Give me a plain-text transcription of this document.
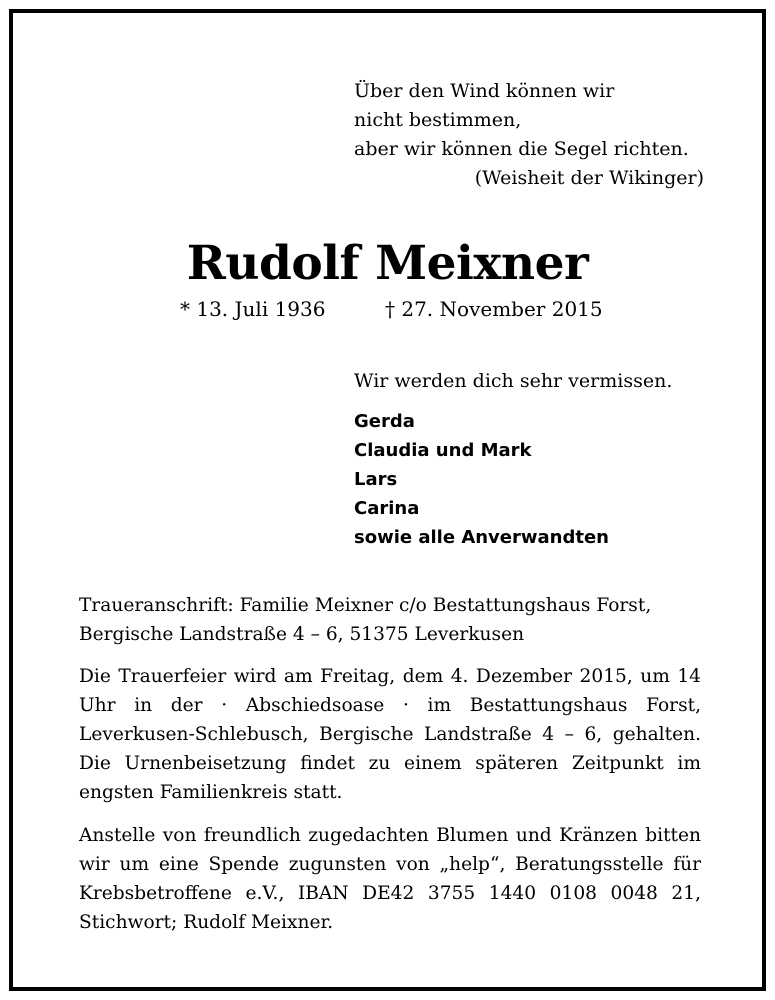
Über den Wind können wir
nicht bestimmen,
aber wir können die Segel richten.
(Weisheit der Wikinger)
Rudolf Meixner
* 13. Juli 1936	† 27. November 2015
Wir werden dich sehr vermissen.
Gerda
Claudia und Mark
Lars
Carina
sowie alle Anverwandten
Traueranschrift: Familie Meixner c/o Bestattungshaus Forst,
Bergische Landstraße 4 – 6, 51375 Leverkusen

Die Trauerfeier wird am Freitag, dem 4. Dezember 2015, um 14 Uhr in der · Abschiedsoase · im Bestattungshaus Forst, Leverkusen-Schlebusch, Bergische Landstraße 4 – 6, gehalten. Die Urnenbeisetzung findet zu einem späteren Zeitpunkt im engsten Familienkreis statt.

Anstelle von freundlich zugedachten Blumen und Kränzen bitten wir um eine Spende zugunsten von „help“, Beratungsstelle für Krebsbetroffene e.V., IBAN DE42 3755 1440 0108 0048 21, Stichwort; Rudolf Meixner.
